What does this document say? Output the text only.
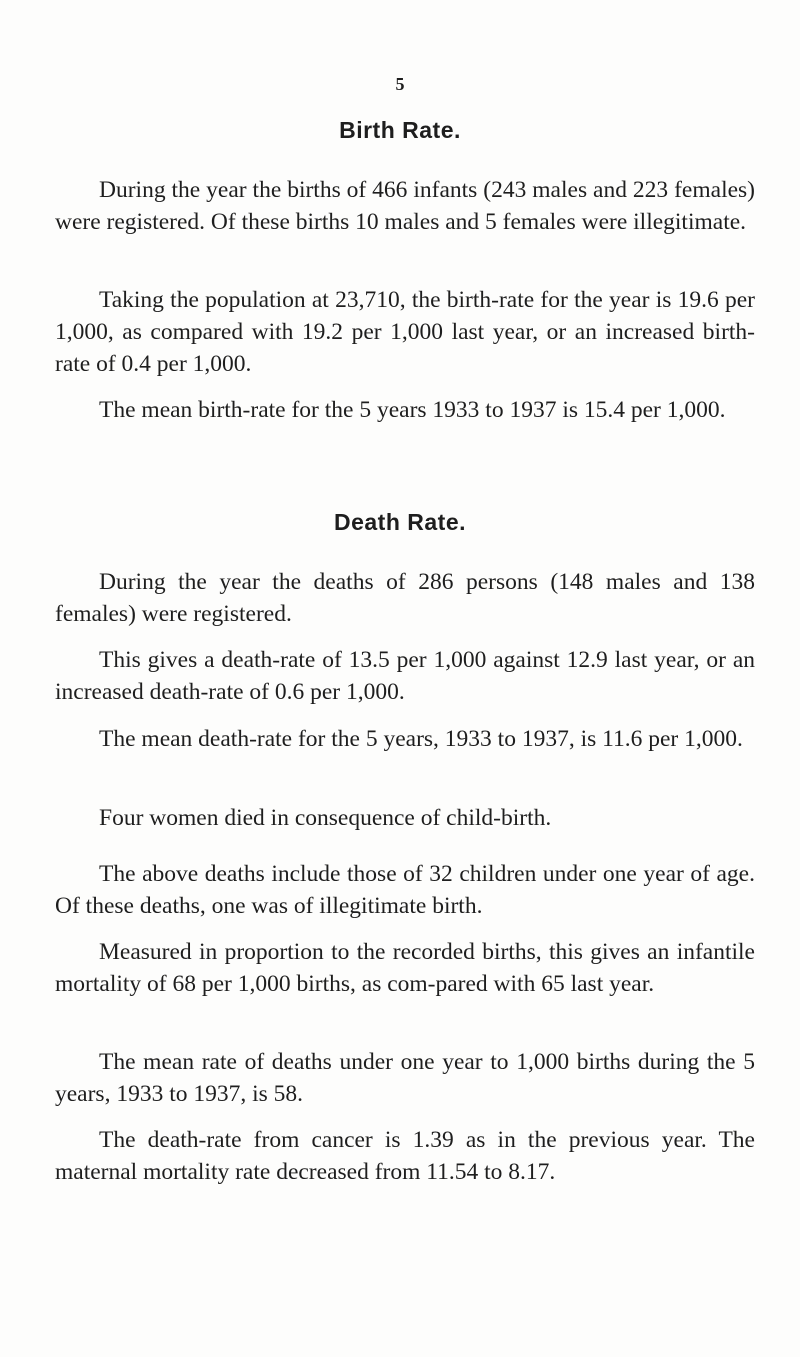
5
Birth Rate.

During the year the births of 466 infants (243 males and 223 females) were registered. Of these births 10 males and 5 females were illegitimate.

Taking the population at 23,710, the birth-rate for the year is 19.6 per 1,000, as compared with 19.2 per 1,000 last year, or an increased birth-rate of 0.4 per 1,000.

The mean birth-rate for the 5 years 1933 to 1937 is 15.4 per 1,000.

Death Rate.

During the year the deaths of 286 persons (148 males and 138 females) were registered.

This gives a death-rate of 13.5 per 1,000 against 12.9 last year, or an increased death-rate of 0.6 per 1,000.

The mean death-rate for the 5 years, 1933 to 1937, is 11.6 per 1,000.

Four women died in consequence of child-birth.

The above deaths include those of 32 children under one year of age. Of these deaths, one was of illegitimate birth.

Measured in proportion to the recorded births, this gives an infantile mortality of 68 per 1,000 births, as com-pared with 65 last year.

The mean rate of deaths under one year to 1,000 births during the 5 years, 1933 to 1937, is 58.

The death-rate from cancer is 1.39 as in the previous year. The maternal mortality rate decreased from 11.54 to 8.17.
